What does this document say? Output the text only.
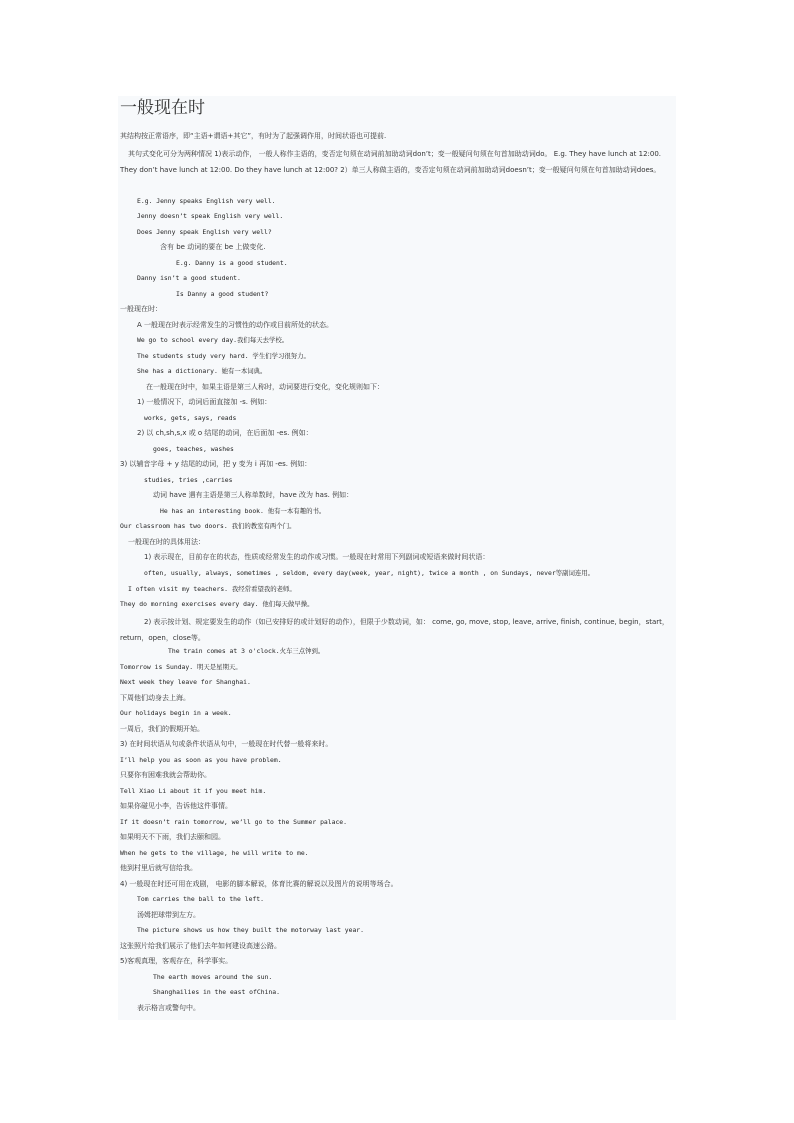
一般现在时
其结构按正常语序，即“主语+谓语+其它”，有时为了起强调作用，时间状语也可提前.
其句式变化可分为两种情况 1)表示动作， 一般人称作主语的，变否定句须在动词前加助动词don’t；变一般疑问句须在句首加助动词do。 E.g. They have lunch at 12:00. They don’t have lunch at 12:00. Do they have lunch at 12:00? 2）单三人称做主语的，变否定句须在动词前加助动词doesn’t；变一般疑问句须在句首加助动词does。
E.g. Jenny speaks English very well.
Jenny doesn’t speak English very well.
Does Jenny speak English very well?
含有 be 动词的要在 be 上做变化.
E.g. Danny is a good student.
Danny isn’t a good student.
Is Danny a good student?
一般现在时：
A 一般现在时表示经常发生的习惯性的动作或目前所处的状态。
We go to school every day.我们每天去学校。
The students study very hard. 学生们学习很努力。
She has a dictionary. 她有一本词典。
在一般现在时中，如果主语是第三人称时，动词要进行变化，变化规则如下：
1) 一般情况下，动词后面直接加 -s. 例如：
works, gets, says, reads
2) 以 ch,sh,s,x 或 o 结尾的动词，在后面加 -es. 例如：
goes, teaches, washes
3) 以辅音字母 + y 结尾的动词，把 y 变为 i 再加 -es. 例如：
studies, tries ,carries
动词 have 遇有主语是第三人称单数时，have 改为 has. 例如：
He has an interesting book. 他有一本有趣的书。
Our classroom has two doors. 我们的教室有两个门。
一般现在时的具体用法：
1) 表示现在，目前存在的状态，性质或经常发生的动作或习惯。一般现在时常用下列副词或短语来做时间状语：
often, usually, always, sometimes , seldom, every day(week, year, night), twice a month , on Sundays, never等副词连用。
I often visit my teachers. 我经常看望我的老师。
They do morning exercises every day. 他们每天做早操。
2) 表示按计划、规定要发生的动作（如已安排好的或计划好的动作），但限于少数动词，如： come, go, move, stop, leave, arrive, finish, continue, begin，start，return，open，close等。
The train comes at 3 o'clock.火车三点钟到。
Tomorrow is Sunday. 明天是星期天。
Next week they leave for Shanghai.
下周他们动身去上海。
Our holidays begin in a week.
一周后，我们的假期开始。
3) 在时间状语从句或条件状语从句中，一般现在时代替一般将来时。
I’ll help you as soon as you have problem.
只要你有困难我就会帮助你。
Tell Xiao Li about it if you meet him.
如果你碰见小李，告诉他这件事情。
If it doesn’t rain tomorrow, we’ll go to the Summer palace.
如果明天不下雨，我们去颐和园。
When he gets to the village, he will write to me.
他到村里后就写信给我。
4) 一般现在时还可用在戏剧， 电影的脚本解说，体育比赛的解说以及图片的说明等场合。
Tom carries the ball to the left.
汤姆把球带到左方。
The picture shows us how they built the motorway last year.
这张照片给我们展示了他们去年如何建设高速公路。
5)客观真理，客观存在，科学事实。
The earth moves around the sun.
Shanghailies in the east ofChina.
表示格言或警句中。
